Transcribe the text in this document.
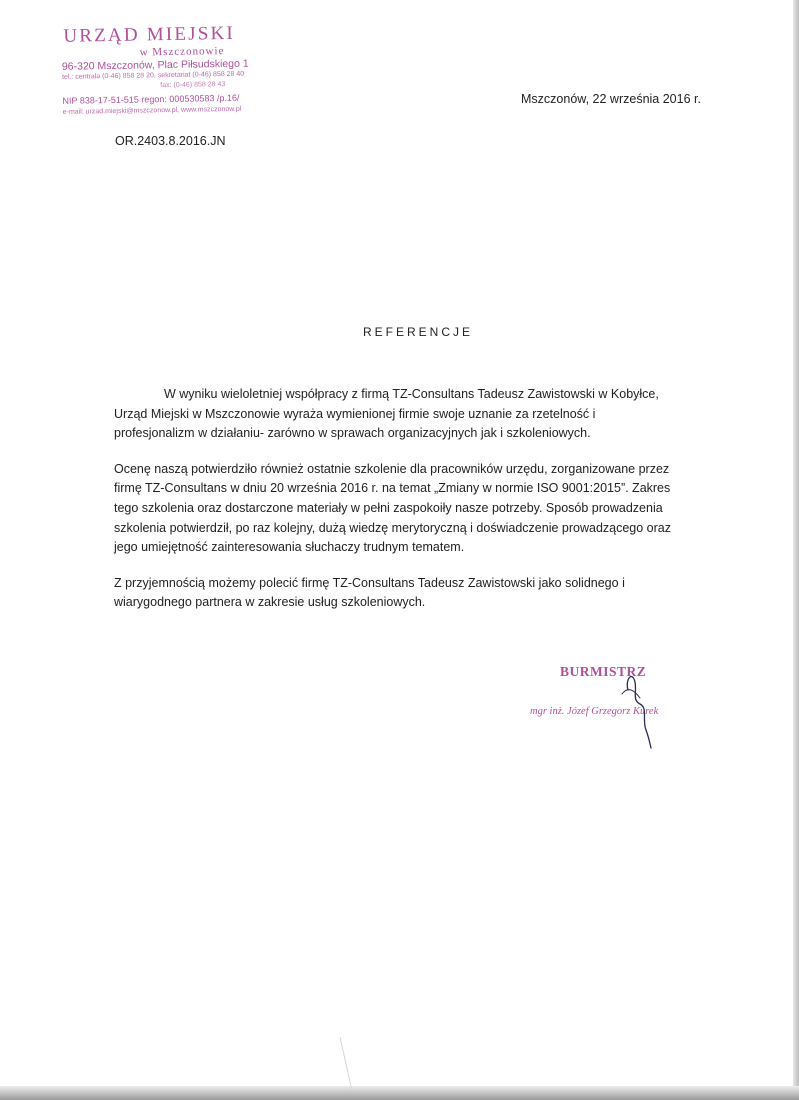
URZĄD MIEJSKI
w Mszczonowie
96-320 Mszczonów, Plac Piłsudskiego 1
tel.: centrala (0-46) 858 28 20, sekretariat (0-46) 858 28 40
fax: (0-46) 858 28 43
NIP 838-17-51-515 regon: 000530583 /p.16/
e-mail: urzad.miejski@mszczonow.pl, www.mszczonow.pl
Mszczonów, 22 września 2016 r.
OR.2403.8.2016.JN
REFERENCJE

W wyniku wieloletniej współpracy z firmą TZ-Consultans Tadeusz Zawistowski w Kobyłce, Urząd Miejski w Mszczonowie wyraża wymienionej firmie swoje uznanie za rzetelność i profesjonalizm w działaniu- zarówno w sprawach organizacyjnych jak i szkoleniowych.

Ocenę naszą potwierdziło również ostatnie szkolenie dla pracowników urzędu, zorganizowane przez firmę TZ-Consultans w dniu 20 września 2016 r. na temat „Zmiany w normie ISO 9001:2015”. Zakres tego szkolenia oraz dostarczone materiały w pełni zaspokoiły nasze potrzeby. Sposób prowadzenia szkolenia potwierdził, po raz kolejny, dużą wiedzę merytoryczną i doświadczenie prowadzącego oraz jego umiejętność zainteresowania słuchaczy trudnym tematem.

Z przyjemnością możemy polecić firmę TZ-Consultans Tadeusz Zawistowski jako solidnego i wiarygodnego partnera w zakresie usług szkoleniowych.

BURMISTRZ
mgr inż. Józef Grzegorz Kurek
